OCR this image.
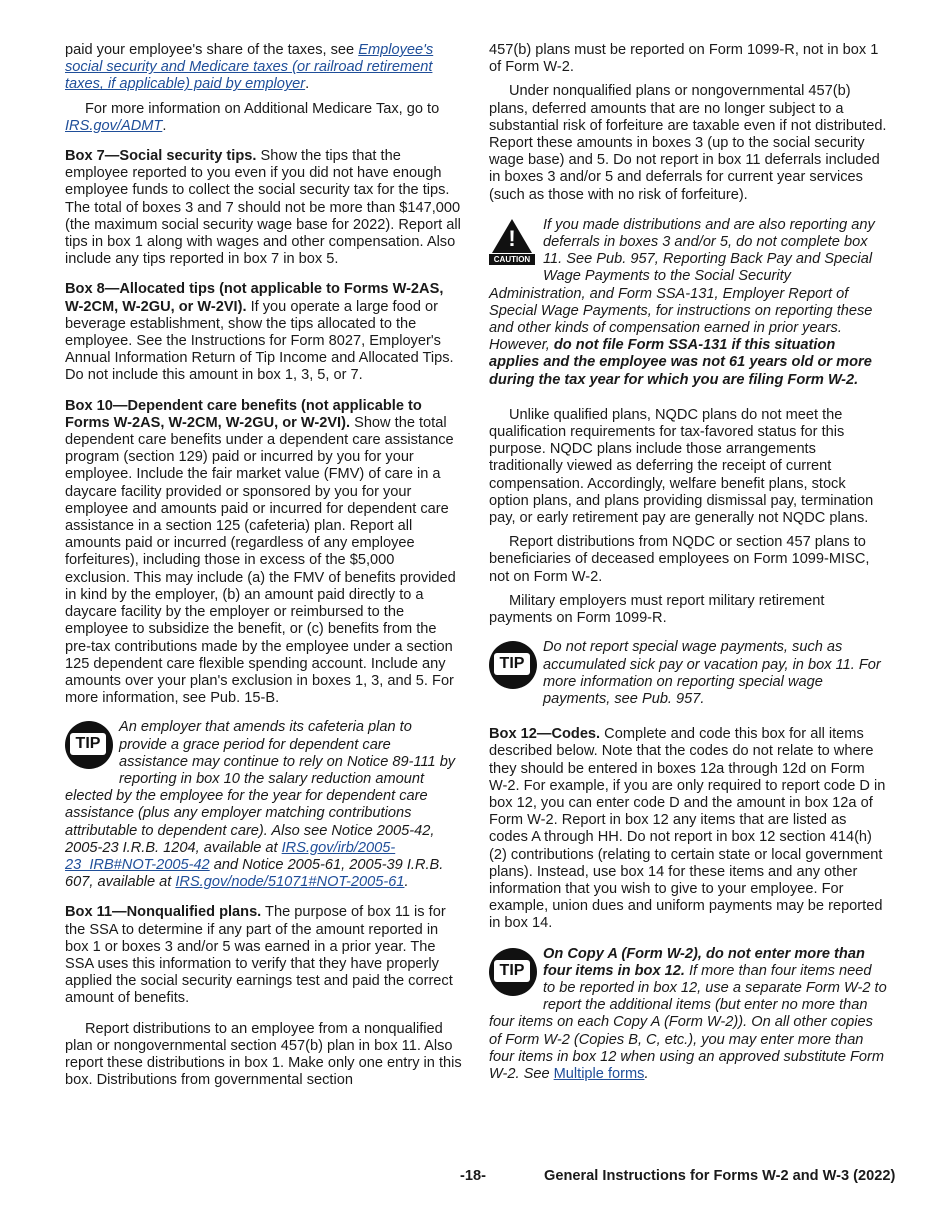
paid your employee's share of the taxes, see Employee's social security and Medicare taxes (or railroad retirement taxes, if applicable) paid by employer.

For more information on Additional Medicare Tax, go to IRS.gov/ADMT.

Box 7—Social security tips. Show the tips that the employee reported to you even if you did not have enough employee funds to collect the social security tax for the tips. The total of boxes 3 and 7 should not be more than $147,000 (the maximum social security wage base for 2022). Report all tips in box 1 along with wages and other compensation. Also include any tips reported in box 7 in box 5.

Box 8—Allocated tips (not applicable to Forms W-2AS, W-2CM, W-2GU, or W-2VI). If you operate a large food or beverage establishment, show the tips allocated to the employee. See the Instructions for Form 8027, Employer's Annual Information Return of Tip Income and Allocated Tips. Do not include this amount in box 1, 3, 5, or 7.

Box 10—Dependent care benefits (not applicable to Forms W-2AS, W-2CM, W-2GU, or W-2VI). Show the total dependent care benefits under a dependent care assistance program (section 129) paid or incurred by you for your employee. Include the fair market value (FMV) of care in a daycare facility provided or sponsored by you for your employee and amounts paid or incurred for dependent care assistance in a section 125 (cafeteria) plan. Report all amounts paid or incurred (regardless of any employee forfeitures), including those in excess of the $5,000 exclusion. This may include (a) the FMV of benefits provided in kind by the employer, (b) an amount paid directly to a daycare facility by the employer or reimbursed to the employee to subsidize the benefit, or (c) benefits from the pre-tax contributions made by the employee under a section 125 dependent care flexible spending account. Include any amounts over your plan's exclusion in boxes 1, 3, and 5. For more information, see Pub. 15-B.

TIP
An employer that amends its cafeteria plan to provide a grace period for dependent care assistance may continue to rely on Notice 89-111 by reporting in box 10 the salary reduction amount elected by the employee for the year for dependent care assistance (plus any employer matching contributions attributable to dependent care). Also see Notice 2005-42, 2005-23 I.R.B. 1204, available at IRS.gov/irb/2005-23_IRB#NOT-2005-42 and Notice 2005-61, 2005-39 I.R.B. 607, available at IRS.gov/node/51071#NOT-2005-61.

Box 11—Nonqualified plans. The purpose of box 11 is for the SSA to determine if any part of the amount reported in box 1 or boxes 3 and/or 5 was earned in a prior year. The SSA uses this information to verify that they have properly applied the social security earnings test and paid the correct amount of benefits.

Report distributions to an employee from a nonqualified plan or nongovernmental section 457(b) plan in box 11. Also report these distributions in box 1. Make only one entry in this box. Distributions from governmental section

457(b) plans must be reported on Form 1099-R, not in box 1 of Form W-2.

Under nonqualified plans or nongovernmental 457(b) plans, deferred amounts that are no longer subject to a substantial risk of forfeiture are taxable even if not distributed. Report these amounts in boxes 3 (up to the social security wage base) and 5. Do not report in box 11 deferrals included in boxes 3 and/or 5 and deferrals for current year services (such as those with no risk of forfeiture).

!
CAUTION
If you made distributions and are also reporting any deferrals in boxes 3 and/or 5, do not complete box 11. See Pub. 957, Reporting Back Pay and Special Wage Payments to the Social Security Administration, and Form SSA-131, Employer Report of Special Wage Payments, for instructions on reporting these and other kinds of compensation earned in prior years. However, do not file Form SSA-131 if this situation applies and the employee was not 61 years old or more during the tax year for which you are filing Form W-2.

Unlike qualified plans, NQDC plans do not meet the qualification requirements for tax-favored status for this purpose. NQDC plans include those arrangements traditionally viewed as deferring the receipt of current compensation. Accordingly, welfare benefit plans, stock option plans, and plans providing dismissal pay, termination pay, or early retirement pay are generally not NQDC plans.

Report distributions from NQDC or section 457 plans to beneficiaries of deceased employees on Form 1099-MISC, not on Form W-2.

Military employers must report military retirement payments on Form 1099-R.

TIP
Do not report special wage payments, such as accumulated sick pay or vacation pay, in box 11. For more information on reporting special wage payments, see Pub. 957.

Box 12—Codes. Complete and code this box for all items described below. Note that the codes do not relate to where they should be entered in boxes 12a through 12d on Form W-2. For example, if you are only required to report code D in box 12, you can enter code D and the amount in box 12a of Form W-2. Report in box 12 any items that are listed as codes A through HH. Do not report in box 12 section 414(h)(2) contributions (relating to certain state or local government plans). Instead, use box 14 for these items and any other information that you wish to give to your employee. For example, union dues and uniform payments may be reported in box 14.

TIP
On Copy A (Form W-2), do not enter more than four items in box 12. If more than four items need to be reported in box 12, use a separate Form W-2 to report the additional items (but enter no more than four items on each Copy A (Form W-2)). On all other copies of Form W-2 (Copies B, C, etc.), you may enter more than four items in box 12 when using an approved substitute Form W-2. See Multiple forms.
-18-	General Instructions for Forms W-2 and W-3 (2022)
